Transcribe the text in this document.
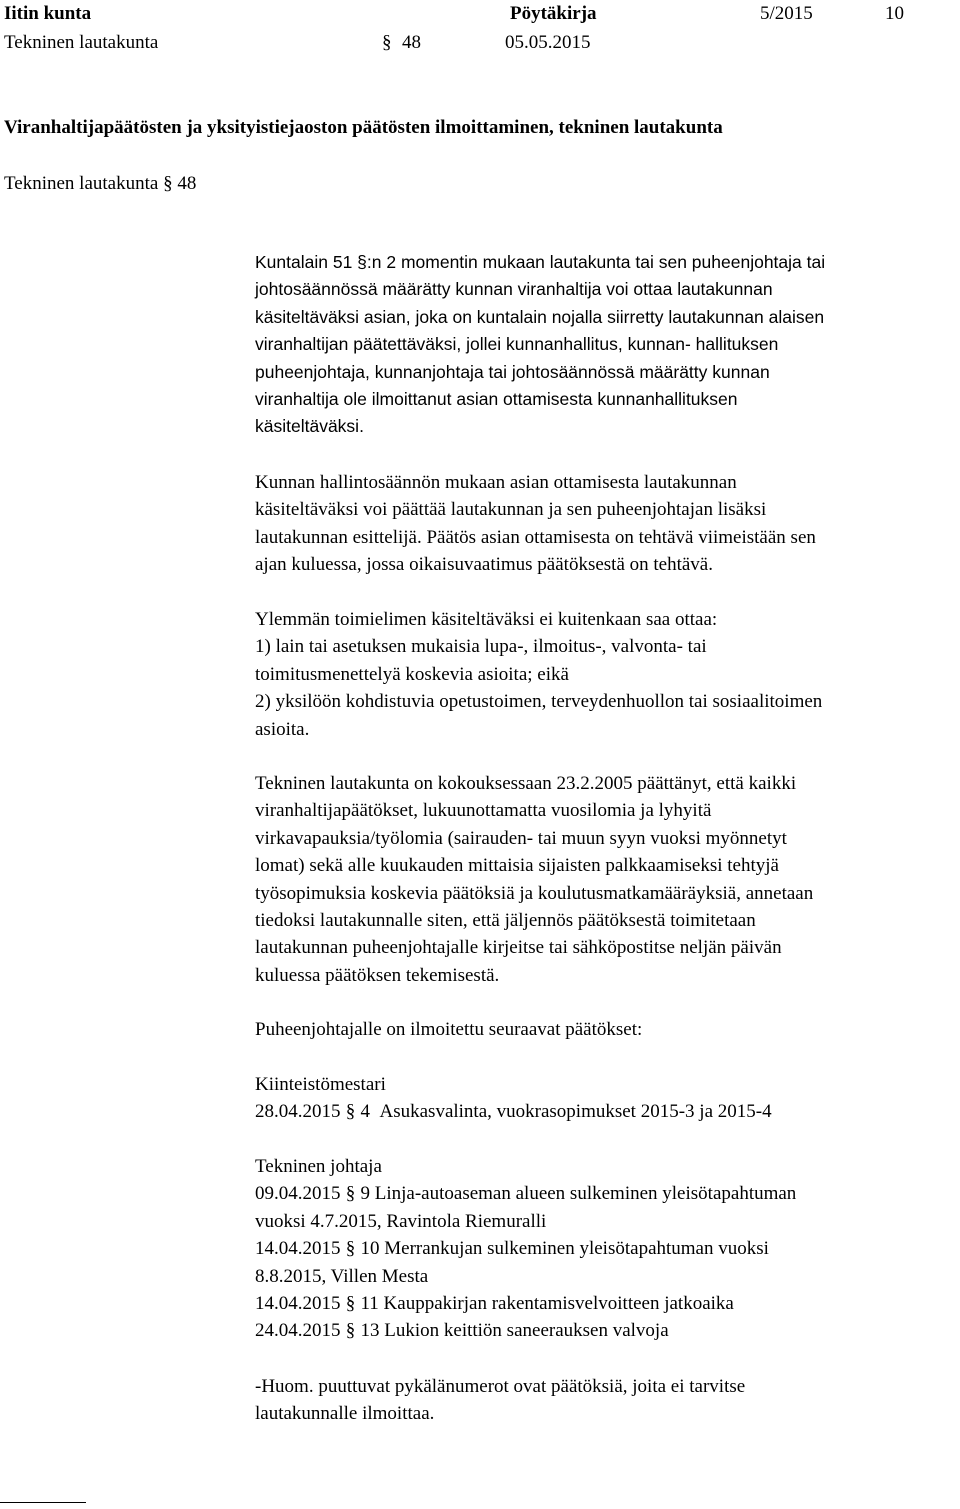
Iitin kunta	Pöytäkirja	5/2015	10
Tekninen lautakunta	§ 48	05.05.2015
Viranhaltijapäätösten ja yksityistiejaoston päätösten ilmoittaminen, tekninen lautakunta
Tekninen lautakunta § 48
Kuntalain 51 §:n 2 momentin mukaan lautakunta tai sen puheenjohtaja tai
johtosäännössä määrätty kunnan viranhaltija voi ottaa lautakunnan
käsiteltäväksi asian, joka on kuntalain nojalla siirretty lautakunnan alaisen
viranhaltijan päätettäväksi, jollei kunnanhallitus, kunnan- hallituksen
puheenjohtaja, kunnanjohtaja tai johtosäännössä määrätty kunnan
viranhaltija ole ilmoittanut asian ottamisesta kunnanhallituksen
käsiteltäväksi.
Kunnan hallintosäännön mukaan asian ottamisesta lautakunnan
käsiteltäväksi voi päättää lautakunnan ja sen puheenjohtajan lisäksi
lautakunnan esittelijä. Päätös asian ottamisesta on tehtävä viimeistään sen
ajan kuluessa, jossa oikaisuvaatimus päätöksestä on tehtävä.
Ylemmän toimielimen käsiteltäväksi ei kuitenkaan saa ottaa:
1) lain tai asetuksen mukaisia lupa-, ilmoitus-, valvonta- tai
toimitusmenettelyä koskevia asioita; eikä
2) yksilöön kohdistuvia opetustoimen, terveydenhuollon tai sosiaalitoimen
asioita.
Tekninen lautakunta on kokouksessaan 23.2.2005 päättänyt, että kaikki
viranhaltijapäätökset, lukuunottamatta vuosilomia ja lyhyitä
virkavapauksia/työlomia (sairauden- tai muun syyn vuoksi myönnetyt
lomat) sekä alle kuukauden mittaisia sijaisten palkkaamiseksi tehtyjä
työsopimuksia koskevia päätöksiä ja koulutusmatkamääräyksiä, annetaan
tiedoksi lautakunnalle siten, että jäljennös päätöksestä toimitetaan
lautakunnan puheenjohtajalle kirjeitse tai sähköpostitse neljän päivän
kuluessa päätöksen tekemisestä.
Puheenjohtajalle on ilmoitettu seuraavat päätökset:
Kiinteistömestari
28.04.2015 § 4 Asukasvalinta, vuokrasopimukset 2015-3 ja 2015-4
Tekninen johtaja
09.04.2015 § 9 Linja-autoaseman alueen sulkeminen yleisötapahtuman
vuoksi 4.7.2015, Ravintola Riemuralli
14.04.2015 § 10 Merrankujan sulkeminen yleisötapahtuman vuoksi
8.8.2015, Villen Mesta
14.04.2015 § 11 Kauppakirjan rakentamisvelvoitteen jatkoaika
24.04.2015 § 13 Lukion keittiön saneerauksen valvoja
-Huom. puuttuvat pykälänumerot ovat päätöksiä, joita ei tarvitse
lautakunnalle ilmoittaa.
